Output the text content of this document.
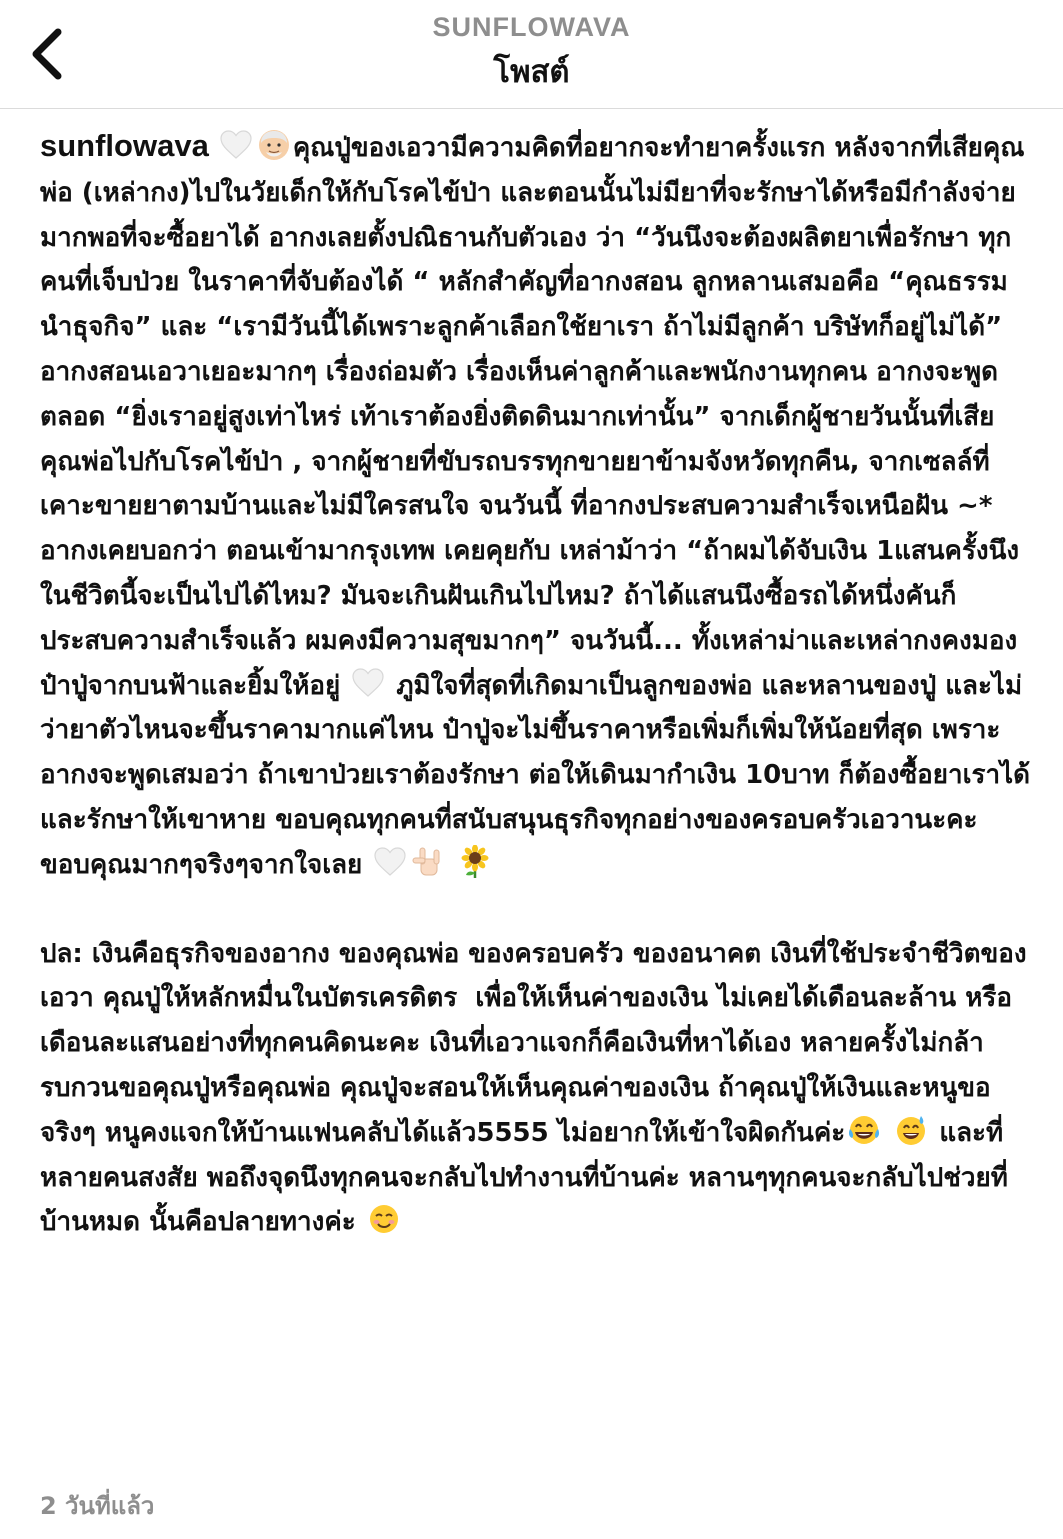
SUNFLOWAVA
โพสต์

sunflowava	คุณปู่ของเอวามีความคิดที่อยากจะทำยาครั้งแรก หลังจากที่เสียคุณพ่อ (เหล่ากง)ไปในวัยเด็กให้กับโรคไข้ป่า และตอนนั้นไม่มียาที่จะรักษาได้หรือมีกำลังจ่ายมากพอที่จะซื้อยาได้ อากงเลยตั้งปณิธานกับตัวเอง ว่า “วันนึงจะต้องผลิตยาเพื่อรักษา ทุกคนที่เจ็บป่วย ในราคาที่จับต้องได้ “ หลักสำคัญที่อากงสอน ลูกหลานเสมอคือ “คุณธรรมนำธุจกิจ” และ “เรามีวันนี้ได้เพราะลูกค้าเลือกใช้ยาเรา ถ้าไม่มีลูกค้า บริษัทก็อยู่ไม่ได้” อากงสอนเอวาเยอะมากๆ เรื่องถ่อมตัว เรื่องเห็นค่าลูกค้าและพนักงานทุกคน อากงจะพูดตลอด “ยิ่งเราอยู่สูงเท่าไหร่ เท้าเราต้องยิ่งติดดินมากเท่านั้น” จากเด็กผู้ชายวันนั้นที่เสียคุณพ่อไปกับโรคไข้ป่า , จากผู้ชายที่ขับรถบรรทุกขายยาข้ามจังหวัดทุกคืน, จากเซลล์ที่เคาะขายยาตามบ้านและไม่มีใครสนใจ จนวันนี้ ที่อากงประสบความสำเร็จเหนือฝัน ~* อากงเคยบอกว่า ตอนเข้ามากรุงเทพ เคยคุยกับ เหล่าม้าว่า “ถ้าผมได้จับเงิน 1แสนครั้งนึงในชีวิตนี้จะเป็นไปได้ไหม? มันจะเกินฝันเกินไปไหม? ถ้าได้แสนนึงซื้อรถได้หนึ่งคันก็ประสบความสำเร็จแล้ว ผมคงมีความสุขมากๆ” จนวันนี้... ทั้งเหล่าม่าและเหล่ากงคงมอง ป๋าปู่จากบนฟ้าและยิ้มให้อยู่ ภูมิใจที่สุดที่เกิดมาเป็นลูกของพ่อ และหลานของปู่ และไม่ว่ายาตัวไหนจะขึ้นราคามากแค่ไหน ป๋าปู่จะไม่ขึ้นราคาหรือเพิ่มก็เพิ่มให้น้อยที่สุด เพราะอากงจะพูดเสมอว่า ถ้าเขาป่วยเราต้องรักษา ต่อให้เดินมากำเงิน 10บาท ก็ต้องซื้อยาเราได้และรักษาให้เขาหาย ขอบคุณทุกคนที่สนับสนุนธุรกิจทุกอย่างของครอบครัวเอวานะคะ ขอบคุณมากๆจริงๆจากใจเลย

ปล: เงินคือธุรกิจของอากง ของคุณพ่อ ของครอบครัว ของอนาคต เงินที่ใช้ประจำชีวิตของเอวา คุณปู่ให้หลักหมื่นในบัตรเครดิตร  เพื่อให้เห็นค่าของเงิน ไม่เคยได้เดือนละล้าน หรือ เดือนละแสนอย่างที่ทุกคนคิดนะคะ เงินที่เอวาแจกก็คือเงินที่หาได้เอง หลายครั้งไม่กล้ารบกวนขอคุณปู่หรือคุณพ่อ คุณปู่จะสอนให้เห็นคุณค่าของเงิน ถ้าคุณปู่ให้เงินและหนูขอจริงๆ หนูคงแจกให้บ้านแฟนคลับได้แล้ว5555 ไม่อยากให้เข้าใจผิดกันค่ะ
	และที่หลายคนสงสัย พอถึงจุดนึงทุกคนจะกลับไปทำงานที่บ้านค่ะ หลานๆทุกคนจะกลับไปช่วยที่บ้านหมด นั้นคือปลายทางค่ะ

2 วันที่แล้ว
